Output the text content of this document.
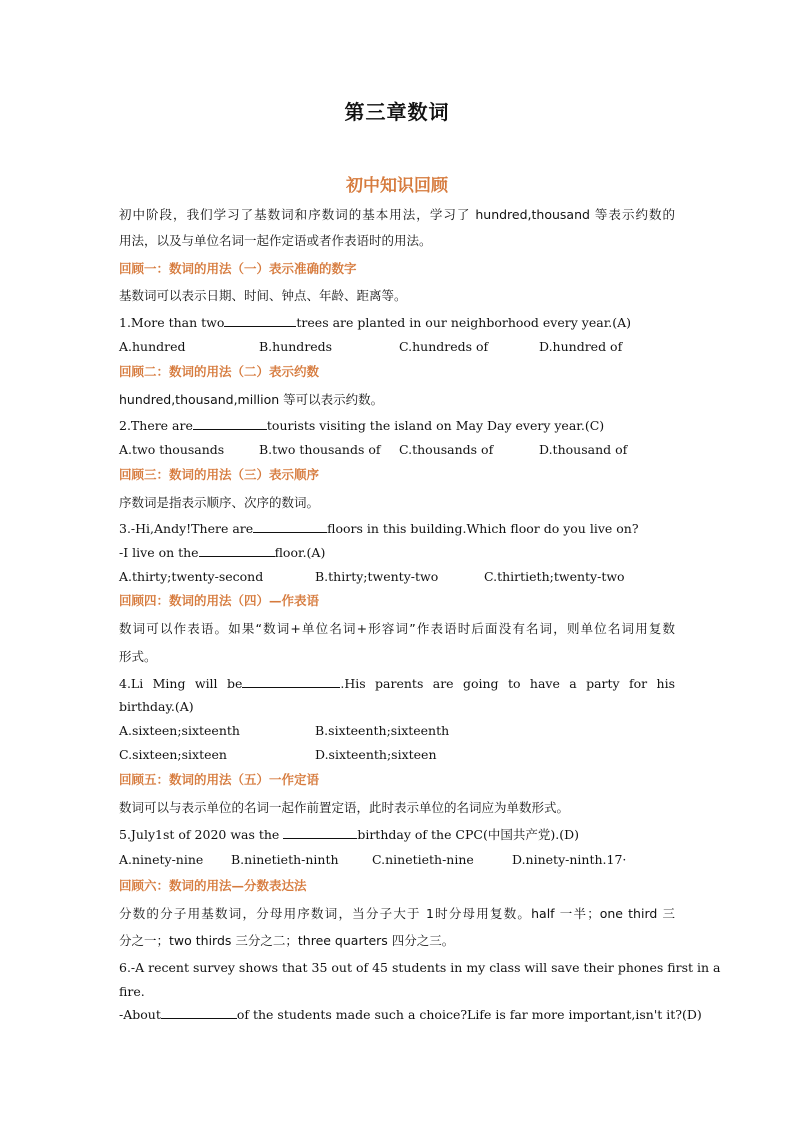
第三章数词
初中知识回顾
初中阶段，我们学习了基数词和序数词的基本用法，学习了 hundred,thousand 等表示约数的
用法，以及与单位名词一起作定语或者作表语时的用法。
回顾一：数词的用法（一）表示准确的数字
基数词可以表示日期、时间、钟点、年龄、距离等。
1.More than two	trees are planted in our neighborhood every year.(A)
A.hundred	B.hundreds	C.hundreds of	D.hundred of
回顾二：数词的用法（二）表示约数
hundred,thousand,million 等可以表示约数。
2.There are	tourists visiting the island on May Day every year.(C)
A.two thousands	B.two thousands of C.thousands of	D.thousand of
回顾三：数词的用法（三）表示顺序
序数词是指表示顺序、次序的数词。
3.-Hi,Andy!There are	floors in this building.Which floor do you live on?
-I live on the	floor.(A)
A.thirty;twenty-second	B.thirty;twenty-two	C.thirtieth;twenty-two
回顾四：数词的用法（四）—作表语
数词可以作表语。如果“数词+单位名词+形容词”作表语时后面没有名词，则单位名词用复数
形式。
4.Li Ming will be	.His parents are going to have a party for his
birthday.(A)
A.sixteen;sixteenth	B.sixteenth;sixteenth
C.sixteen;sixteen	D.sixteenth;sixteen
回顾五：数词的用法（五）一作定语
数词可以与表示单位的名词一起作前置定语，此时表示单位的名词应为单数形式。
5.July1st of 2020 was the	birthday of the CPC(中国共产党).(D)
A.ninety-nine B.ninetieth-ninth	C.ninetieth-nine	D.ninety-ninth.17·
回顾六：数词的用法—分数表达法
分数的分子用基数词，分母用序数词，当分子大于 1时分母用复数。half 一半；one third 三
分之一；two thirds 三分之二；three quarters 四分之三。
6.-A recent survey shows that 35 out of 45 students in my class will save their phones first in a
fire.
-About	of the students made such a choice?Life is far more important,isn't it?(D)
